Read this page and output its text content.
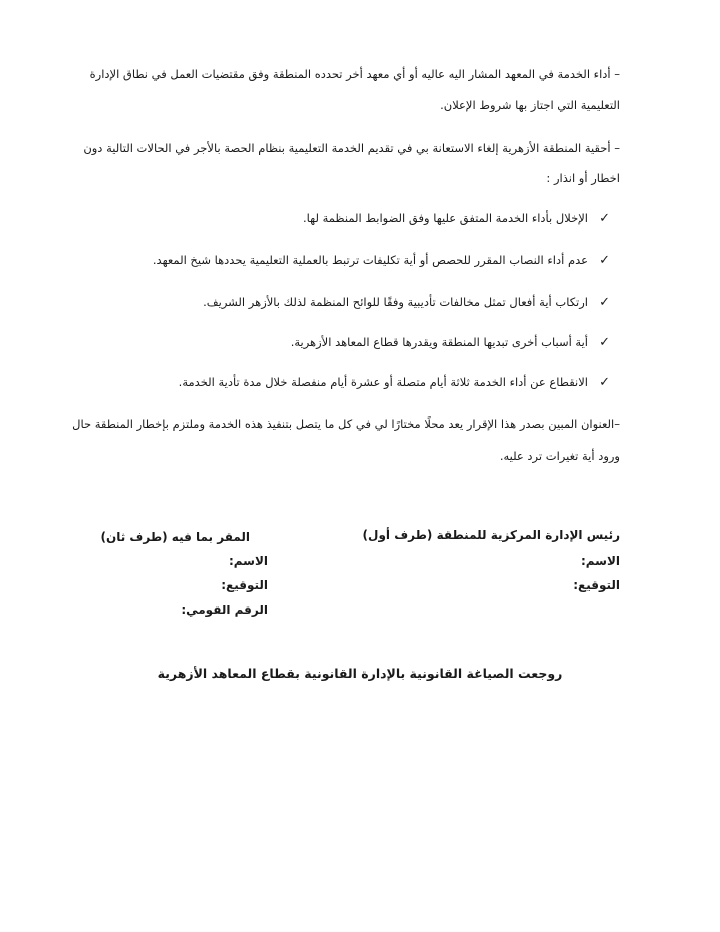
– أداء الخدمة في المعهد المشار اليه عاليه أو أي معهد أخر تحدده المنطقة وفق مقتضيات العمل في نطاق الإدارة
التعليمية التي اجتاز بها شروط الإعلان.
– أحقية المنطقة الأزهرية إلغاء الاستعانة بي في تقديم الخدمة التعليمية بنظام الحصة بالأجر في الحالات التالية دون
اخطار أو انذار :
✓الإخلال بأداء الخدمة المتفق عليها وفق الضوابط المنظمة لها.
✓عدم أداء النصاب المقرر للحصص أو أية تكليفات ترتبط بالعملية التعليمية يحددها شيخ المعهد.
✓ارتكاب أية أفعال تمثل مخالفات تأديبية وفقًا للوائح المنظمة لذلك بالأزهر الشريف.
✓أية أسباب أخرى تبديها المنطقة ويقدرها قطاع المعاهد الأزهرية.
✓الانقطاع عن أداء الخدمة ثلاثة أيام متصلة أو عشرة أيام منفصلة خلال مدة تأدية الخدمة.
–العنوان المبين بصدر هذا الإقرار يعد محلًا مختارًا لي في كل ما يتصل بتنفيذ هذه الخدمة وملتزم بإخطار المنطقة حال
ورود أية تغيرات ترد عليه.
رئيس الإدارة المركزية للمنطقة (طرف أول)
الاسم:
التوقيع:
المقر بما فيه (طرف ثان)
الاسم:
التوقيع:
الرقم القومي:
روجعت الصياغة القانونية بالإدارة القانونية بقطاع المعاهد الأزهرية
